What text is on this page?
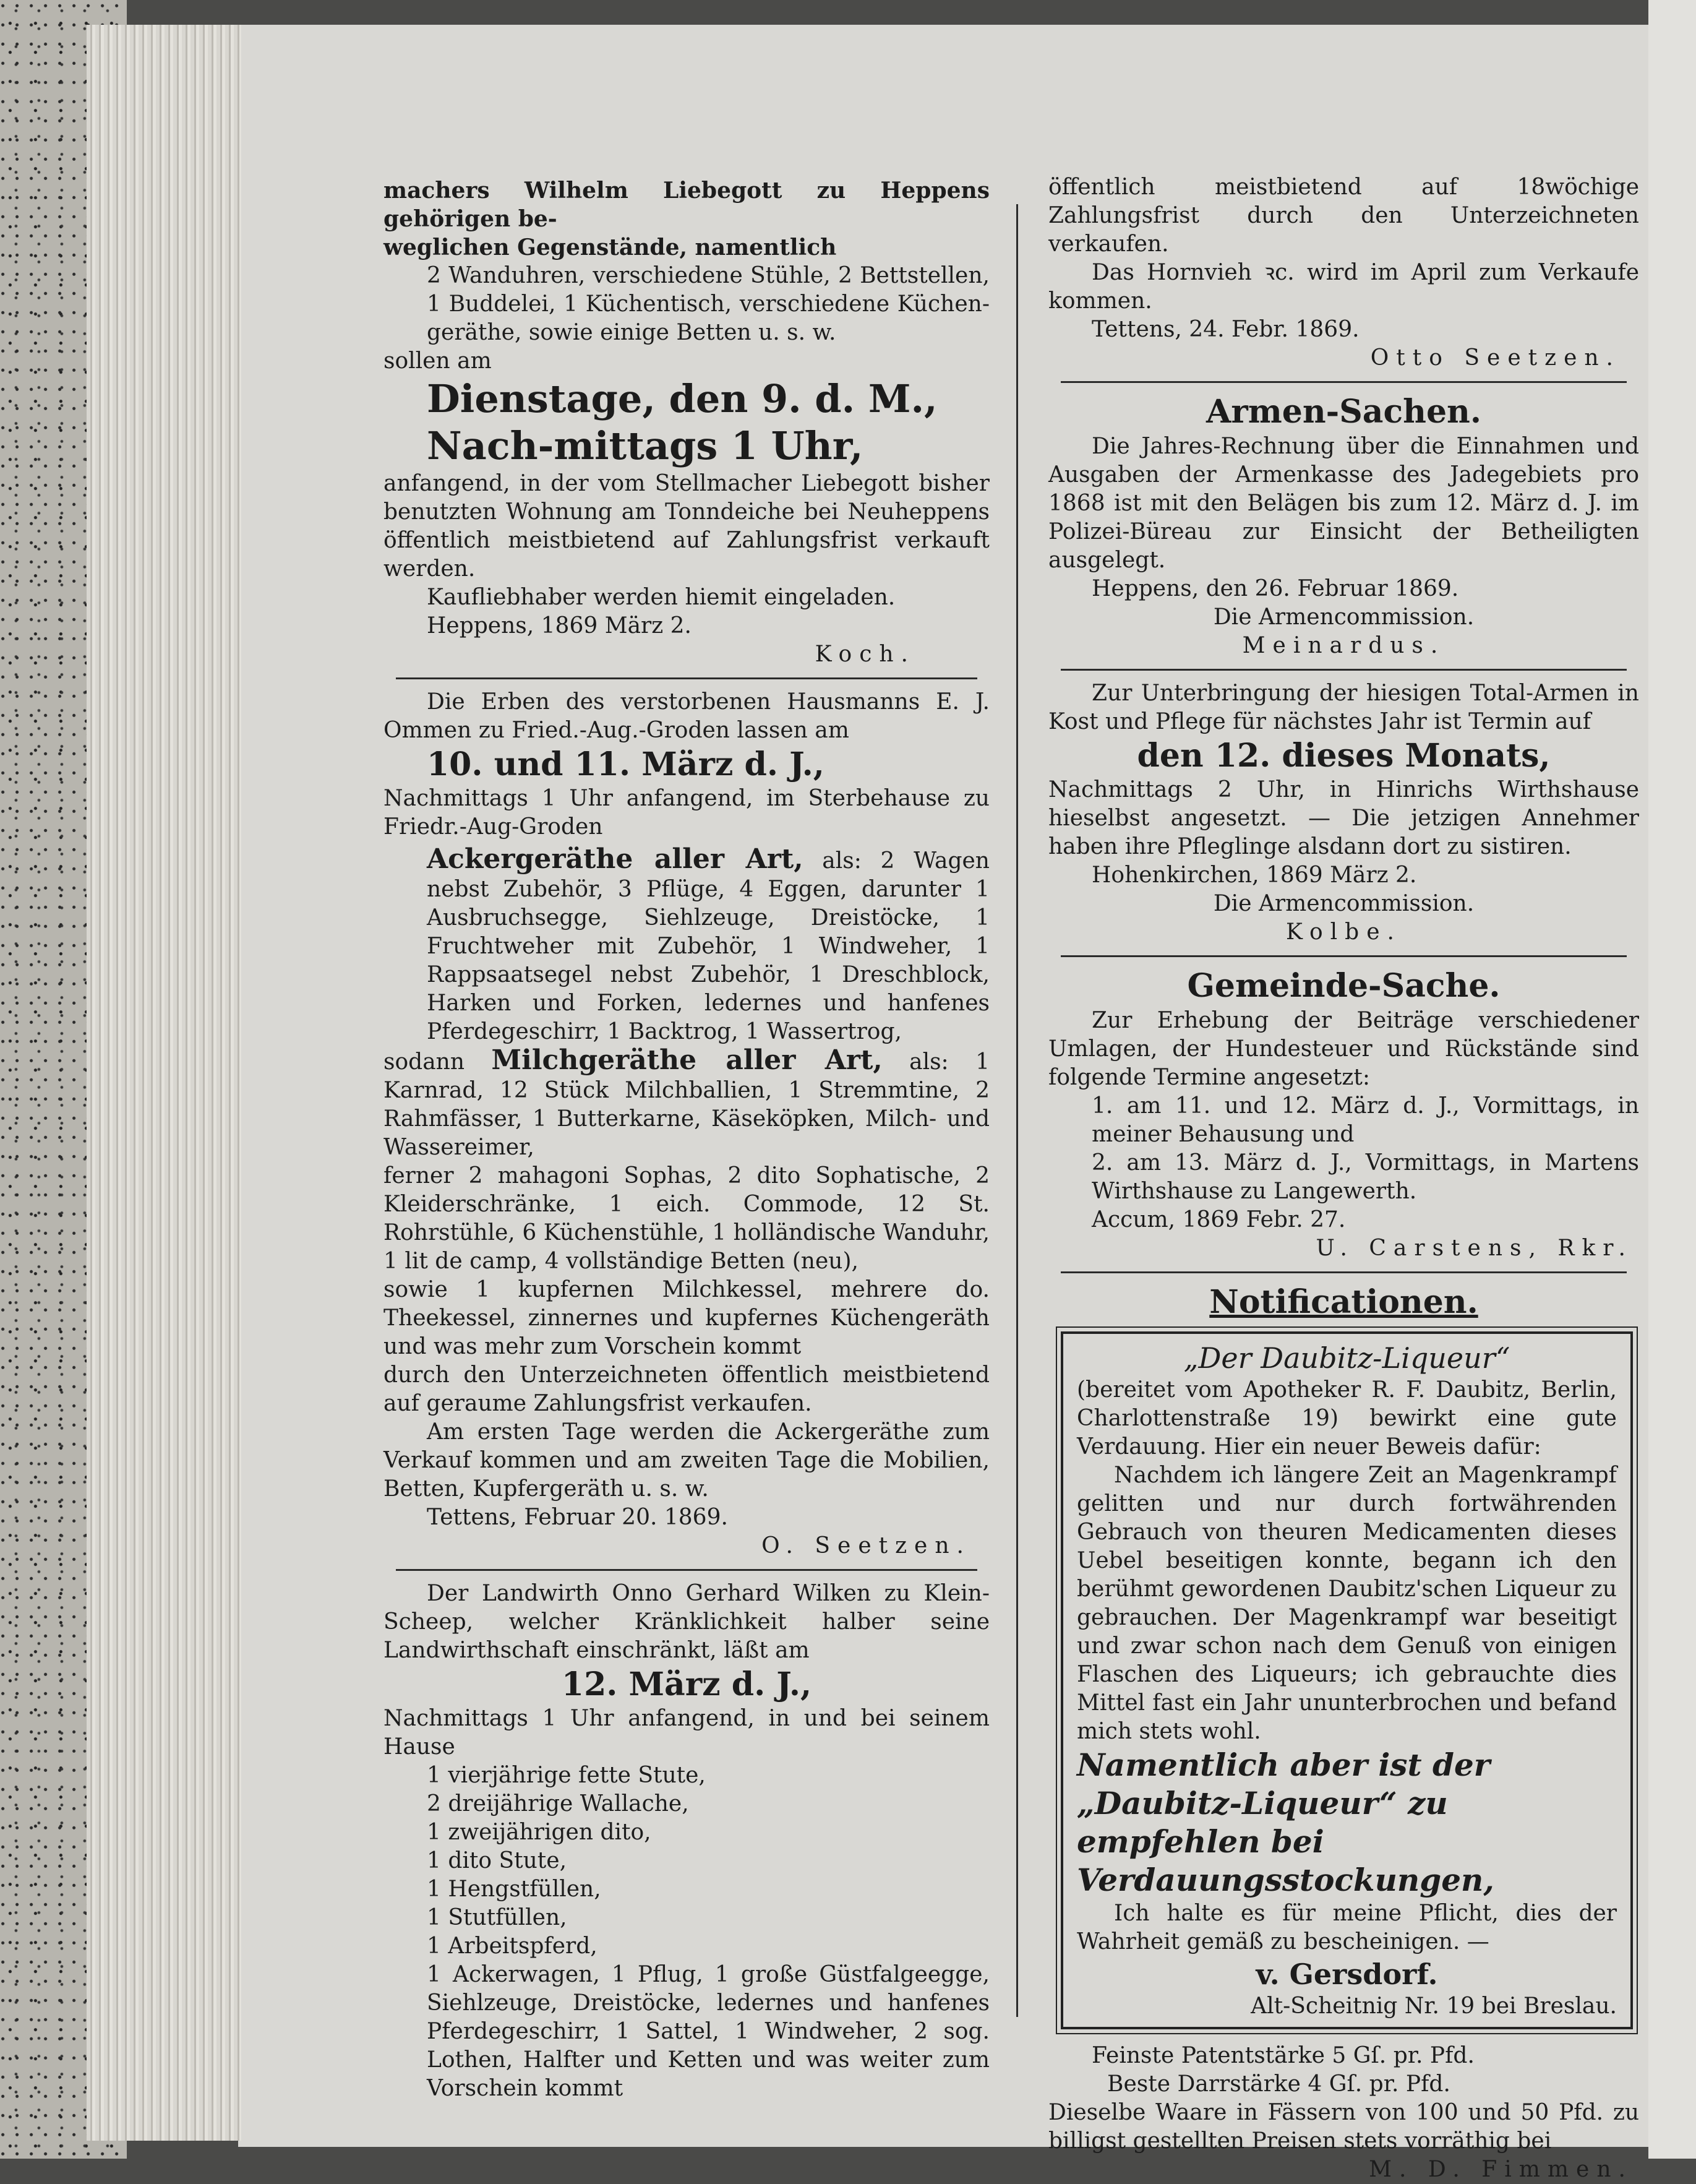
machers Wilhelm Liebegott zu Heppens gehörigen be-

weglichen Gegenstände, namentlich

2 Wanduhren, verschiedene Stühle, 2 Bettstellen, 1 Buddelei, 1 Küchentisch, verschiedene Küchen-geräthe, sowie einige Betten u. s. w.

sollen am

Dienstage, den 9. d. M., Nach-mittags 1 Uhr,

anfangend, in der vom Stellmacher Liebegott bisher benutzten Wohnung am Tonndeiche bei Neuheppens öffentlich meistbietend auf Zahlungsfrist verkauft werden.

Kaufliebhaber werden hiemit eingeladen.

Heppens, 1869 März 2.

Koch.

Die Erben des verstorbenen Hausmanns E. J. Ommen zu Fried.-Aug.-Groden lassen am

10. und 11. März d. J.,

Nachmittags 1 Uhr anfangend, im Sterbehause zu Friedr.-Aug-Groden

Ackergeräthe aller Art, als: 2 Wagen nebst Zubehör, 3 Pflüge, 4 Eggen, darunter 1 Ausbruchsegge, Siehlzeuge, Dreistöcke, 1 Fruchtweher mit Zubehör, 1 Windweher, 1 Rappsaatsegel nebst Zubehör, 1 Dreschblock, Harken und Forken, ledernes und hanfenes Pferdegeschirr, 1 Backtrog, 1 Wassertrog,

sodann Milchgeräthe aller Art, als: 1 Karnrad, 12 Stück Milchballien, 1 Stremmtine, 2 Rahmfässer, 1 Butterkarne, Käseköpken, Milch- und Wassereimer,

ferner 2 mahagoni Sophas, 2 dito Sophatische, 2 Kleiderschränke, 1 eich. Commode, 12 St. Rohrstühle, 6 Küchenstühle, 1 holländische Wanduhr, 1 lit de camp, 4 vollständige Betten (neu),

sowie 1 kupfernen Milchkessel, mehrere do. Theekessel, zinnernes und kupfernes Küchengeräth und was mehr zum Vorschein kommt

durch den Unterzeichneten öffentlich meistbietend auf geraume Zahlungsfrist verkaufen.

Am ersten Tage werden die Ackergeräthe zum Verkauf kommen und am zweiten Tage die Mobilien, Betten, Kupfergeräth u. s. w.

Tettens, Februar 20. 1869.

O. Seetzen.

Der Landwirth Onno Gerhard Wilken zu Klein-Scheep, welcher Kränklichkeit halber seine Landwirthschaft einschränkt, läßt am

12. März d. J.,

Nachmittags 1 Uhr anfangend, in und bei seinem Hause

1 vierjährige fette Stute,

2 dreijährige Wallache,

1 zweijährigen dito,

1 dito Stute,

1 Hengstfüllen,

1 Stutfüllen,

1 Arbeitspferd,

1 Ackerwagen, 1 Pflug, 1 große Güstfalgeegge, Siehlzeuge, Dreistöcke, ledernes und hanfenes Pferdegeschirr, 1 Sattel, 1 Windweher, 2 sog. Lothen, Halfter und Ketten und was weiter zum Vorschein kommt

öffentlich meistbietend auf 18wöchige Zahlungsfrist durch den Unterzeichneten verkaufen.

Das Hornvieh ꝛc. wird im April zum Verkaufe kommen.

Tettens, 24. Febr. 1869.

Otto Seetzen.

Armen-Sachen.

Die Jahres-Rechnung über die Einnahmen und Ausgaben der Armenkasse des Jadegebiets pro 1868 ist mit den Belägen bis zum 12. März d. J. im Polizei-Büreau zur Einsicht der Betheiligten ausgelegt.

Heppens, den 26. Februar 1869.

Die Armencommission.

Meinardus.

Zur Unterbringung der hiesigen Total-Armen in Kost und Pflege für nächstes Jahr ist Termin auf

den 12. dieses Monats,

Nachmittags 2 Uhr, in Hinrichs Wirthshause hieselbst angesetzt. — Die jetzigen Annehmer haben ihre Pfleglinge alsdann dort zu sistiren.

Hohenkirchen, 1869 März 2.

Die Armencommission.

Kolbe.

Gemeinde-Sache.

Zur Erhebung der Beiträge verschiedener Umlagen, der Hundesteuer und Rückstände sind folgende Termine angesetzt:

1. am 11. und 12. März d. J., Vormittags, in meiner Behausung und

2. am 13. März d. J., Vormittags, in Martens Wirthshause zu Langewerth.

Accum, 1869 Febr. 27.

U. Carstens, Rkr.

Notificationen.

„Der Daubitz-Liqueur“

(bereitet vom Apotheker R. F. Daubitz, Berlin, Charlottenstraße 19) bewirkt eine gute Verdauung. Hier ein neuer Beweis dafür:

Nachdem ich längere Zeit an Magenkrampf gelitten und nur durch fortwährenden Gebrauch von theuren Medicamenten dieses Uebel beseitigen konnte, begann ich den berühmt gewordenen Daubitz'schen Liqueur zu gebrauchen. Der Magenkrampf war beseitigt und zwar schon nach dem Genuß von einigen Flaschen des Liqueurs; ich gebrauchte dies Mittel fast ein Jahr ununterbrochen und befand mich stets wohl.

Namentlich aber ist der „Daubitz-Liqueur“ zu empfehlen bei Verdauungsstockungen,

Ich halte es für meine Pflicht, dies der Wahrheit gemäß zu bescheinigen. —

v. Gersdorf.

Alt-Scheitnig Nr. 19 bei Breslau.

Feinste Patentstärke 5 Gſ. pr. Pfd.

Beste Darrstärke 4 Gſ. pr. Pfd.

Dieselbe Waare in Fässern von 100 und 50 Pfd. zu billigst gestellten Preisen stets vorräthig bei

M. D. Fimmen.
